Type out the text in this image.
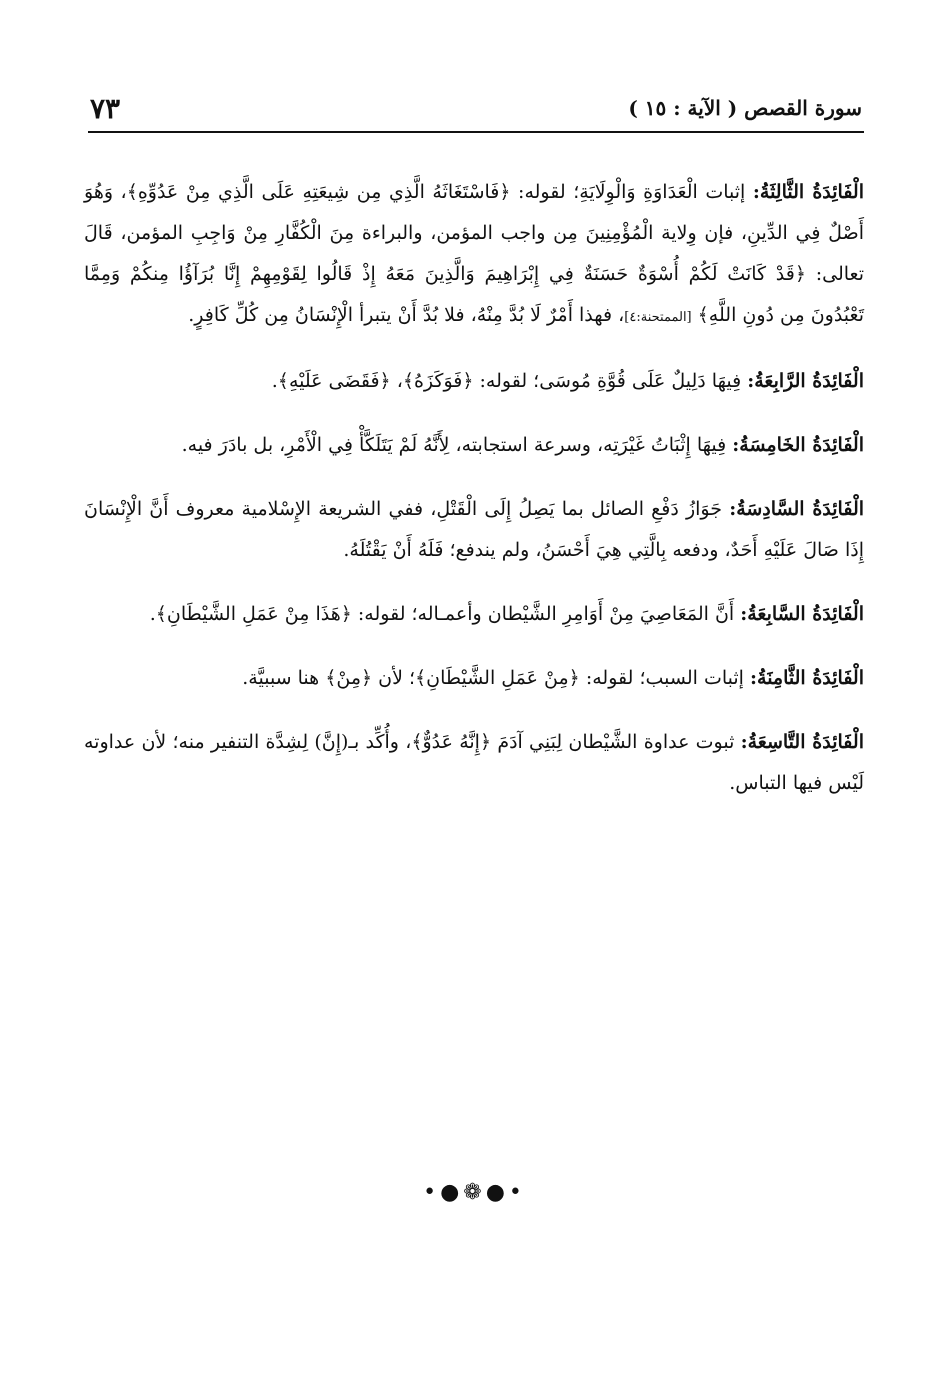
سورة القصص ( الآية : ١٥ )
٧٣

الْفَائِدَةُ الثَّالِثَةُ: إثبات الْعَدَاوَةِ وَالْوِلَايَةِ؛ لقوله: ﴿فَاسْتَغَاثَهُ الَّذِي مِن شِيعَتِهِ عَلَى الَّذِي مِنْ عَدُوِّهِ﴾، وَهُوَ أَصْلٌ فِي الدِّينِ، فإن وِلاية الْمُؤْمِنِينَ مِن واجب المؤمن، والبراءة مِنَ الْكُفَّارِ مِنْ وَاجِبِ المؤمن، قَالَ تعالى: ﴿قَدْ كَانَتْ لَكُمْ أُسْوَةٌ حَسَنَةٌ فِي إِبْرَاهِيمَ وَالَّذِينَ مَعَهُ إِذْ قَالُوا لِقَوْمِهِمْ إِنَّا بُرَآؤُا مِنكُمْ وَمِمَّا تَعْبُدُونَ مِن دُونِ اللَّهِ﴾ [الممتحنة:٤]، فهذا أَمْرٌ لَا بُدَّ مِنْهُ، فلا بُدَّ أَنْ يتبرأ الْإِنْسَانُ مِن كُلِّ كَافِرٍ.

الْفَائِدَةُ الرَّابِعَةُ: فِيهَا دَلِيلٌ عَلَى قُوَّةِ مُوسَى؛ لقوله: ﴿فَوَكَزَهُ﴾، ﴿فَقَضَى عَلَيْهِ﴾.

الْفَائِدَةُ الخَامِسَةُ: فِيهَا إِثْبَاتُ غَيْرَتِه، وسرعة استجابته، لِأَنَّهُ لَمْ يَتَلَكَّأْ فِي الْأَمْرِ، بل بادَرَ فيه.

الْفَائِدَةُ السَّادِسَةُ: جَوَازُ دَفْعِ الصائل بما يَصِلُ إِلَى الْقَتْلِ، ففي الشريعة الإِسْلامية معروف أَنَّ الْإِنْسَانَ إِذَا صَالَ عَلَيْهِ أَحَدٌ، ودفعه بِالَّتِي هِيَ أَحْسَنُ، ولم يندفع؛ فَلَهُ أَنْ يَقْتُلَهُ.

الْفَائِدَةُ السَّابِعَةُ: أَنَّ المَعَاصِيَ مِنْ أَوَامِرِ الشَّيْطان وأعمـاله؛ لقوله: ﴿هَذَا مِنْ عَمَلِ الشَّيْطَانِ﴾.

الْفَائِدَةُ الثَّامِنَةُ: إثبات السبب؛ لقوله: ﴿مِنْ عَمَلِ الشَّيْطَانِ﴾؛ لأن ﴿مِنْ﴾ هنا سببيَّة.

الْفَائِدَةُ التَّاسِعَةُ: ثبوت عداوة الشَّيْطان لِبَنِي آدَمَ ﴿إِنَّهُ عَدُوٌّ﴾، وأُكِّد بـ(إِنَّ) لِشِدَّة التنفير منه؛ لأن عداوته لَيْس فيها التباس.

•●❁●•
